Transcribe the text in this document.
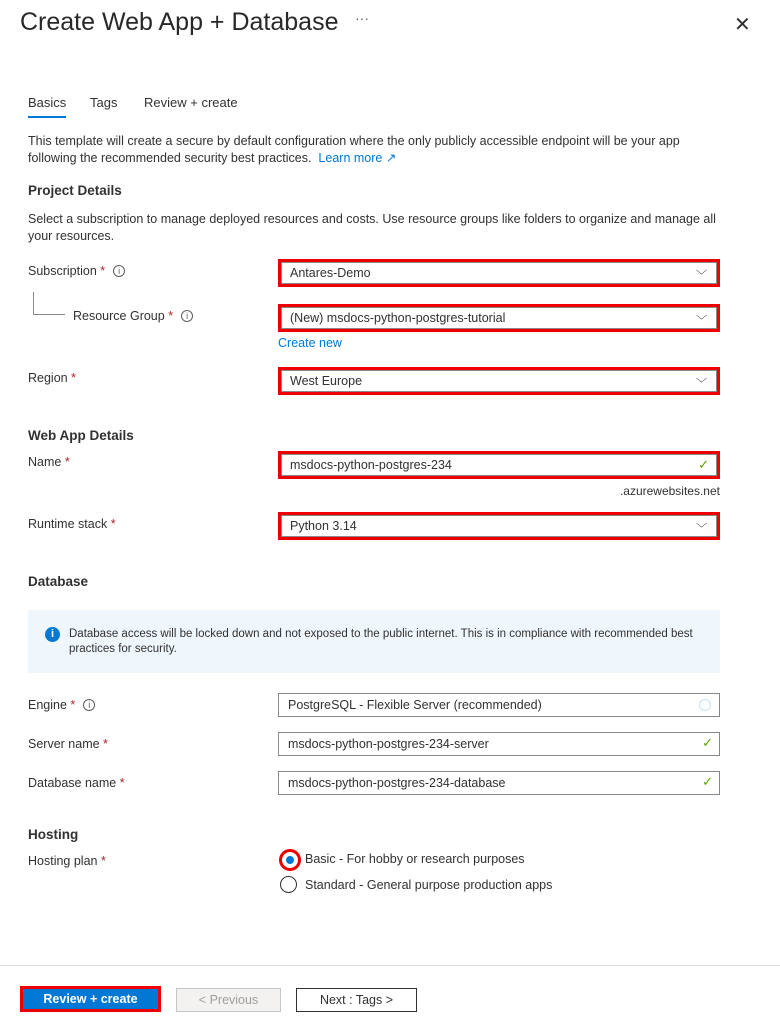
Create Web App + Database ···	✕
Basics Tags Review + create
This template will create a secure by default configuration where the only publicly accessible endpoint will be your app following the recommended security best practices. Learn more ↗
Project Details
Select a subscription to manage deployed resources and costs. Use resource groups like folders to organize and manage all your resources.
Subscription * i	Antares-Demo	﹀
Resource Group * i	(New) msdocs-python-postgres-tutorial	﹀
Create new
Region *	West Europe	﹀
Web App Details
Name *	msdocs-python-postgres-234	✓
.azurewebsites.net
Runtime stack *	Python 3.14	﹀
Database
i	Database access will be locked down and not exposed to the public internet. This is in compliance with recommended best practices for security.
Engine * i	PostgreSQL - Flexible Server (recommended)
Server name *	msdocs-python-postgres-234-server	✓
Database name *	msdocs-python-postgres-234-database	✓
Hosting
Hosting plan *	Basic - For hobby or research purposes
Standard - General purpose production apps
Review + create	< Previous	Next : Tags >
